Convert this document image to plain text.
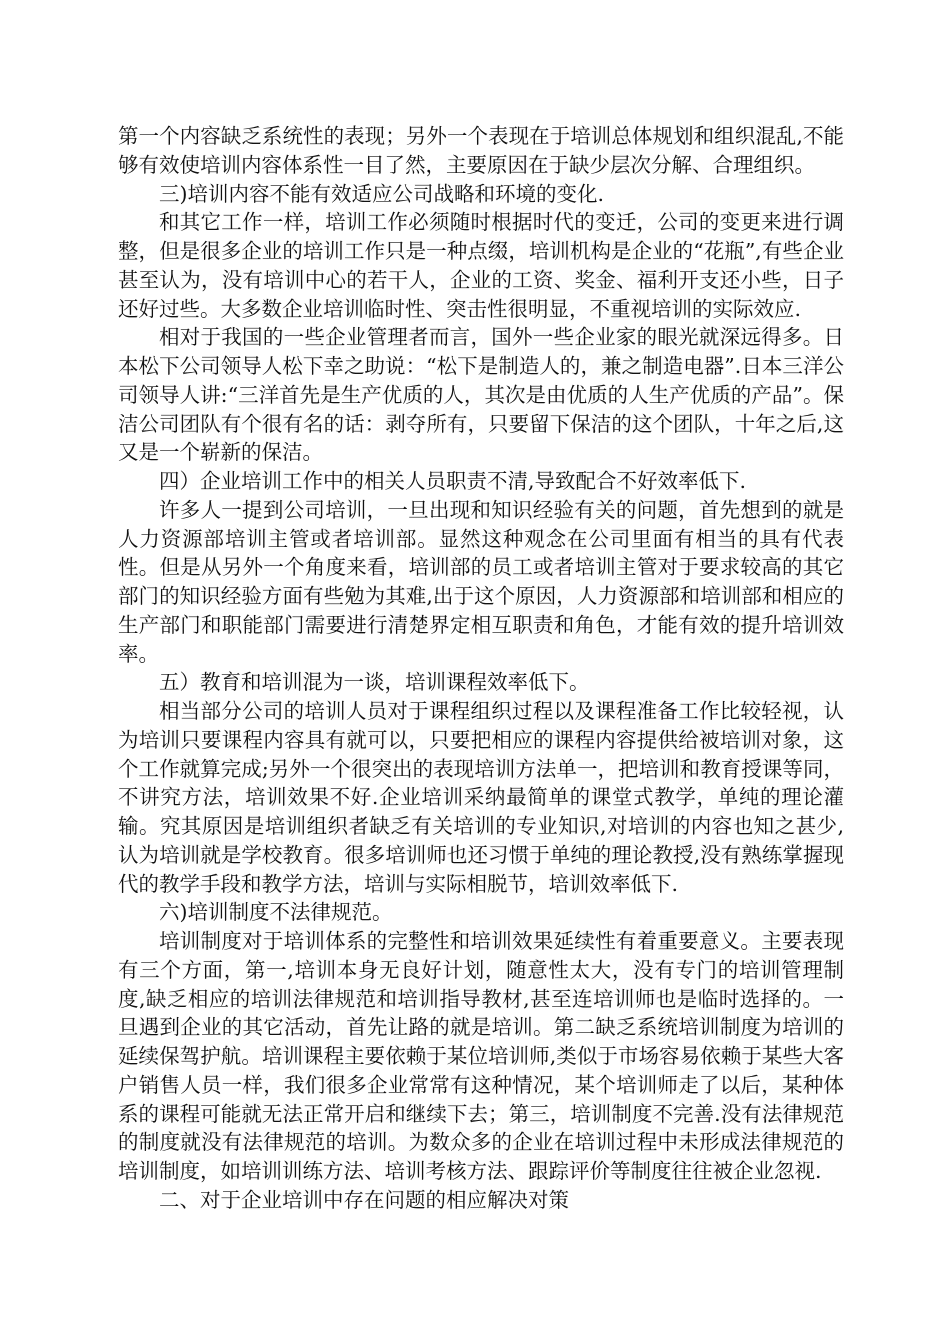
第一个内容缺乏系统性的表现；另外一个表现在于培训总体规划和组织混乱,不能够有效使培训内容体系性一目了然，主要原因在于缺少层次分解、合理组织。

三)培训内容不能有效适应公司战略和环境的变化.

和其它工作一样，培训工作必须随时根据时代的变迁，公司的变更来进行调整，但是很多企业的培训工作只是一种点缀，培训机构是企业的“花瓶”,有些企业甚至认为，没有培训中心的若干人，企业的工资、奖金、福利开支还小些，日子还好过些。大多数企业培训临时性、突击性很明显，不重视培训的实际效应.

相对于我国的一些企业管理者而言，国外一些企业家的眼光就深远得多。日本松下公司领导人松下幸之助说：“松下是制造人的，兼之制造电器”.日本三洋公司领导人讲:“三洋首先是生产优质的人，其次是由优质的人生产优质的产品”。保洁公司团队有个很有名的话：剥夺所有，只要留下保洁的这个团队，十年之后,这又是一个崭新的保洁。

四）企业培训工作中的相关人员职责不清,导致配合不好效率低下.

许多人一提到公司培训，一旦出现和知识经验有关的问题，首先想到的就是人力资源部培训主管或者培训部。显然这种观念在公司里面有相当的具有代表性。但是从另外一个角度来看，培训部的员工或者培训主管对于要求较高的其它部门的知识经验方面有些勉为其难,出于这个原因，人力资源部和培训部和相应的生产部门和职能部门需要进行清楚界定相互职责和角色，才能有效的提升培训效率。

五）教育和培训混为一谈，培训课程效率低下。

相当部分公司的培训人员对于课程组织过程以及课程准备工作比较轻视，认为培训只要课程内容具有就可以，只要把相应的课程内容提供给被培训对象，这个工作就算完成;另外一个很突出的表现培训方法单一，把培训和教育授课等同，不讲究方法，培训效果不好.企业培训采纳最简单的课堂式教学，单纯的理论灌输。究其原因是培训组织者缺乏有关培训的专业知识,对培训的内容也知之甚少,认为培训就是学校教育。很多培训师也还习惯于单纯的理论教授,没有熟练掌握现代的教学手段和教学方法，培训与实际相脱节，培训效率低下.

六)培训制度不法律规范。

培训制度对于培训体系的完整性和培训效果延续性有着重要意义。主要表现有三个方面，第一,培训本身无良好计划，随意性太大，没有专门的培训管理制度,缺乏相应的培训法律规范和培训指导教材,甚至连培训师也是临时选择的。一旦遇到企业的其它活动，首先让路的就是培训。第二缺乏系统培训制度为培训的延续保驾护航。培训课程主要依赖于某位培训师,类似于市场容易依赖于某些大客户销售人员一样，我们很多企业常常有这种情况，某个培训师走了以后，某种体系的课程可能就无法正常开启和继续下去；第三，培训制度不完善.没有法律规范的制度就没有法律规范的培训。为数众多的企业在培训过程中未形成法律规范的培训制度，如培训训练方法、培训考核方法、跟踪评价等制度往往被企业忽视.

二、对于企业培训中存在问题的相应解决对策
